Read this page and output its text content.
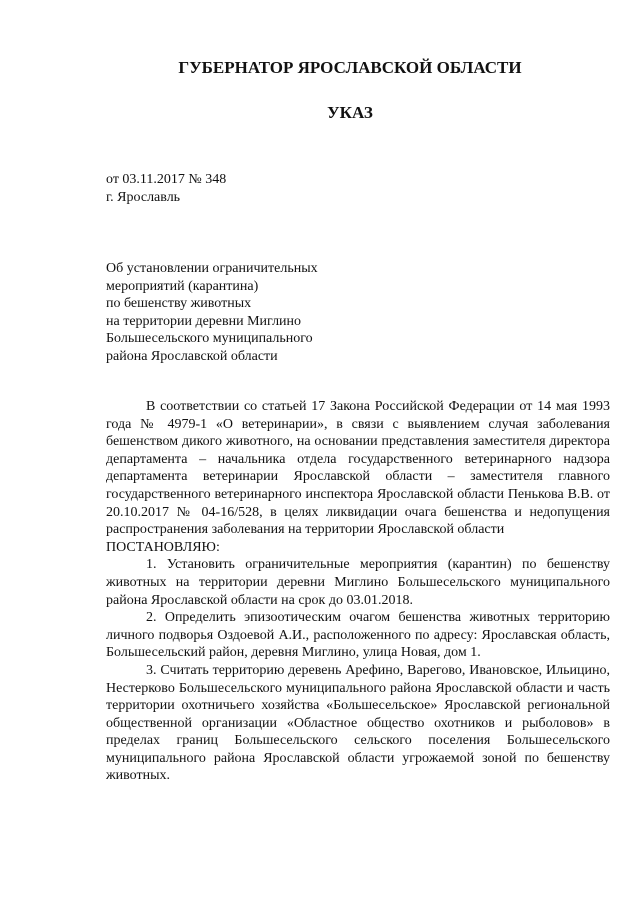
ГУБЕРНАТОР ЯРОСЛАВСКОЙ ОБЛАСТИ
УКАЗ
от 03.11.2017 № 348
г. Ярославль
Об установлении ограничительных
мероприятий (карантина)
по бешенству животных
на территории деревни Миглино
Большесельского муниципального
района Ярославской области

В соответствии со статьей 17 Закона Российской Федерации от 14 мая 1993 года № 4979-1 «О ветеринарии», в связи с выявлением случая заболевания бешенством дикого животного, на основании представления заместителя директора департамента – начальника отдела государственного ветеринарного надзора департамента ветеринарии Ярославской области – заместителя главного государственного ветеринарного инспектора Ярославской области Пенькова В.В. от 20.10.2017 № 04-16/528, в целях ликвидации очага бешенства и недопущения распространения заболевания на территории Ярославской области

ПОСТАНОВЛЯЮ:

1. Установить ограничительные мероприятия (карантин) по бешенству животных на территории деревни Миглино Большесельского муниципального района Ярославской области на срок до 03.01.2018.

2. Определить эпизоотическим очагом бешенства животных территорию личного подворья Оздоевой А.И., расположенного по адресу: Ярославская область, Большесельский район, деревня Миглино, улица Новая, дом 1.

3. Считать территорию деревень Арефино, Варегово, Ивановское, Ильицино, Нестерково Большесельского муниципального района Ярославской области и часть территории охотничьего хозяйства «Большесельское» Ярославской региональной общественной организации «Областное общество охотников и рыболовов» в пределах границ Большесельского сельского поселения Большесельского муниципального района Ярославской области угрожаемой зоной по бешенству животных.
